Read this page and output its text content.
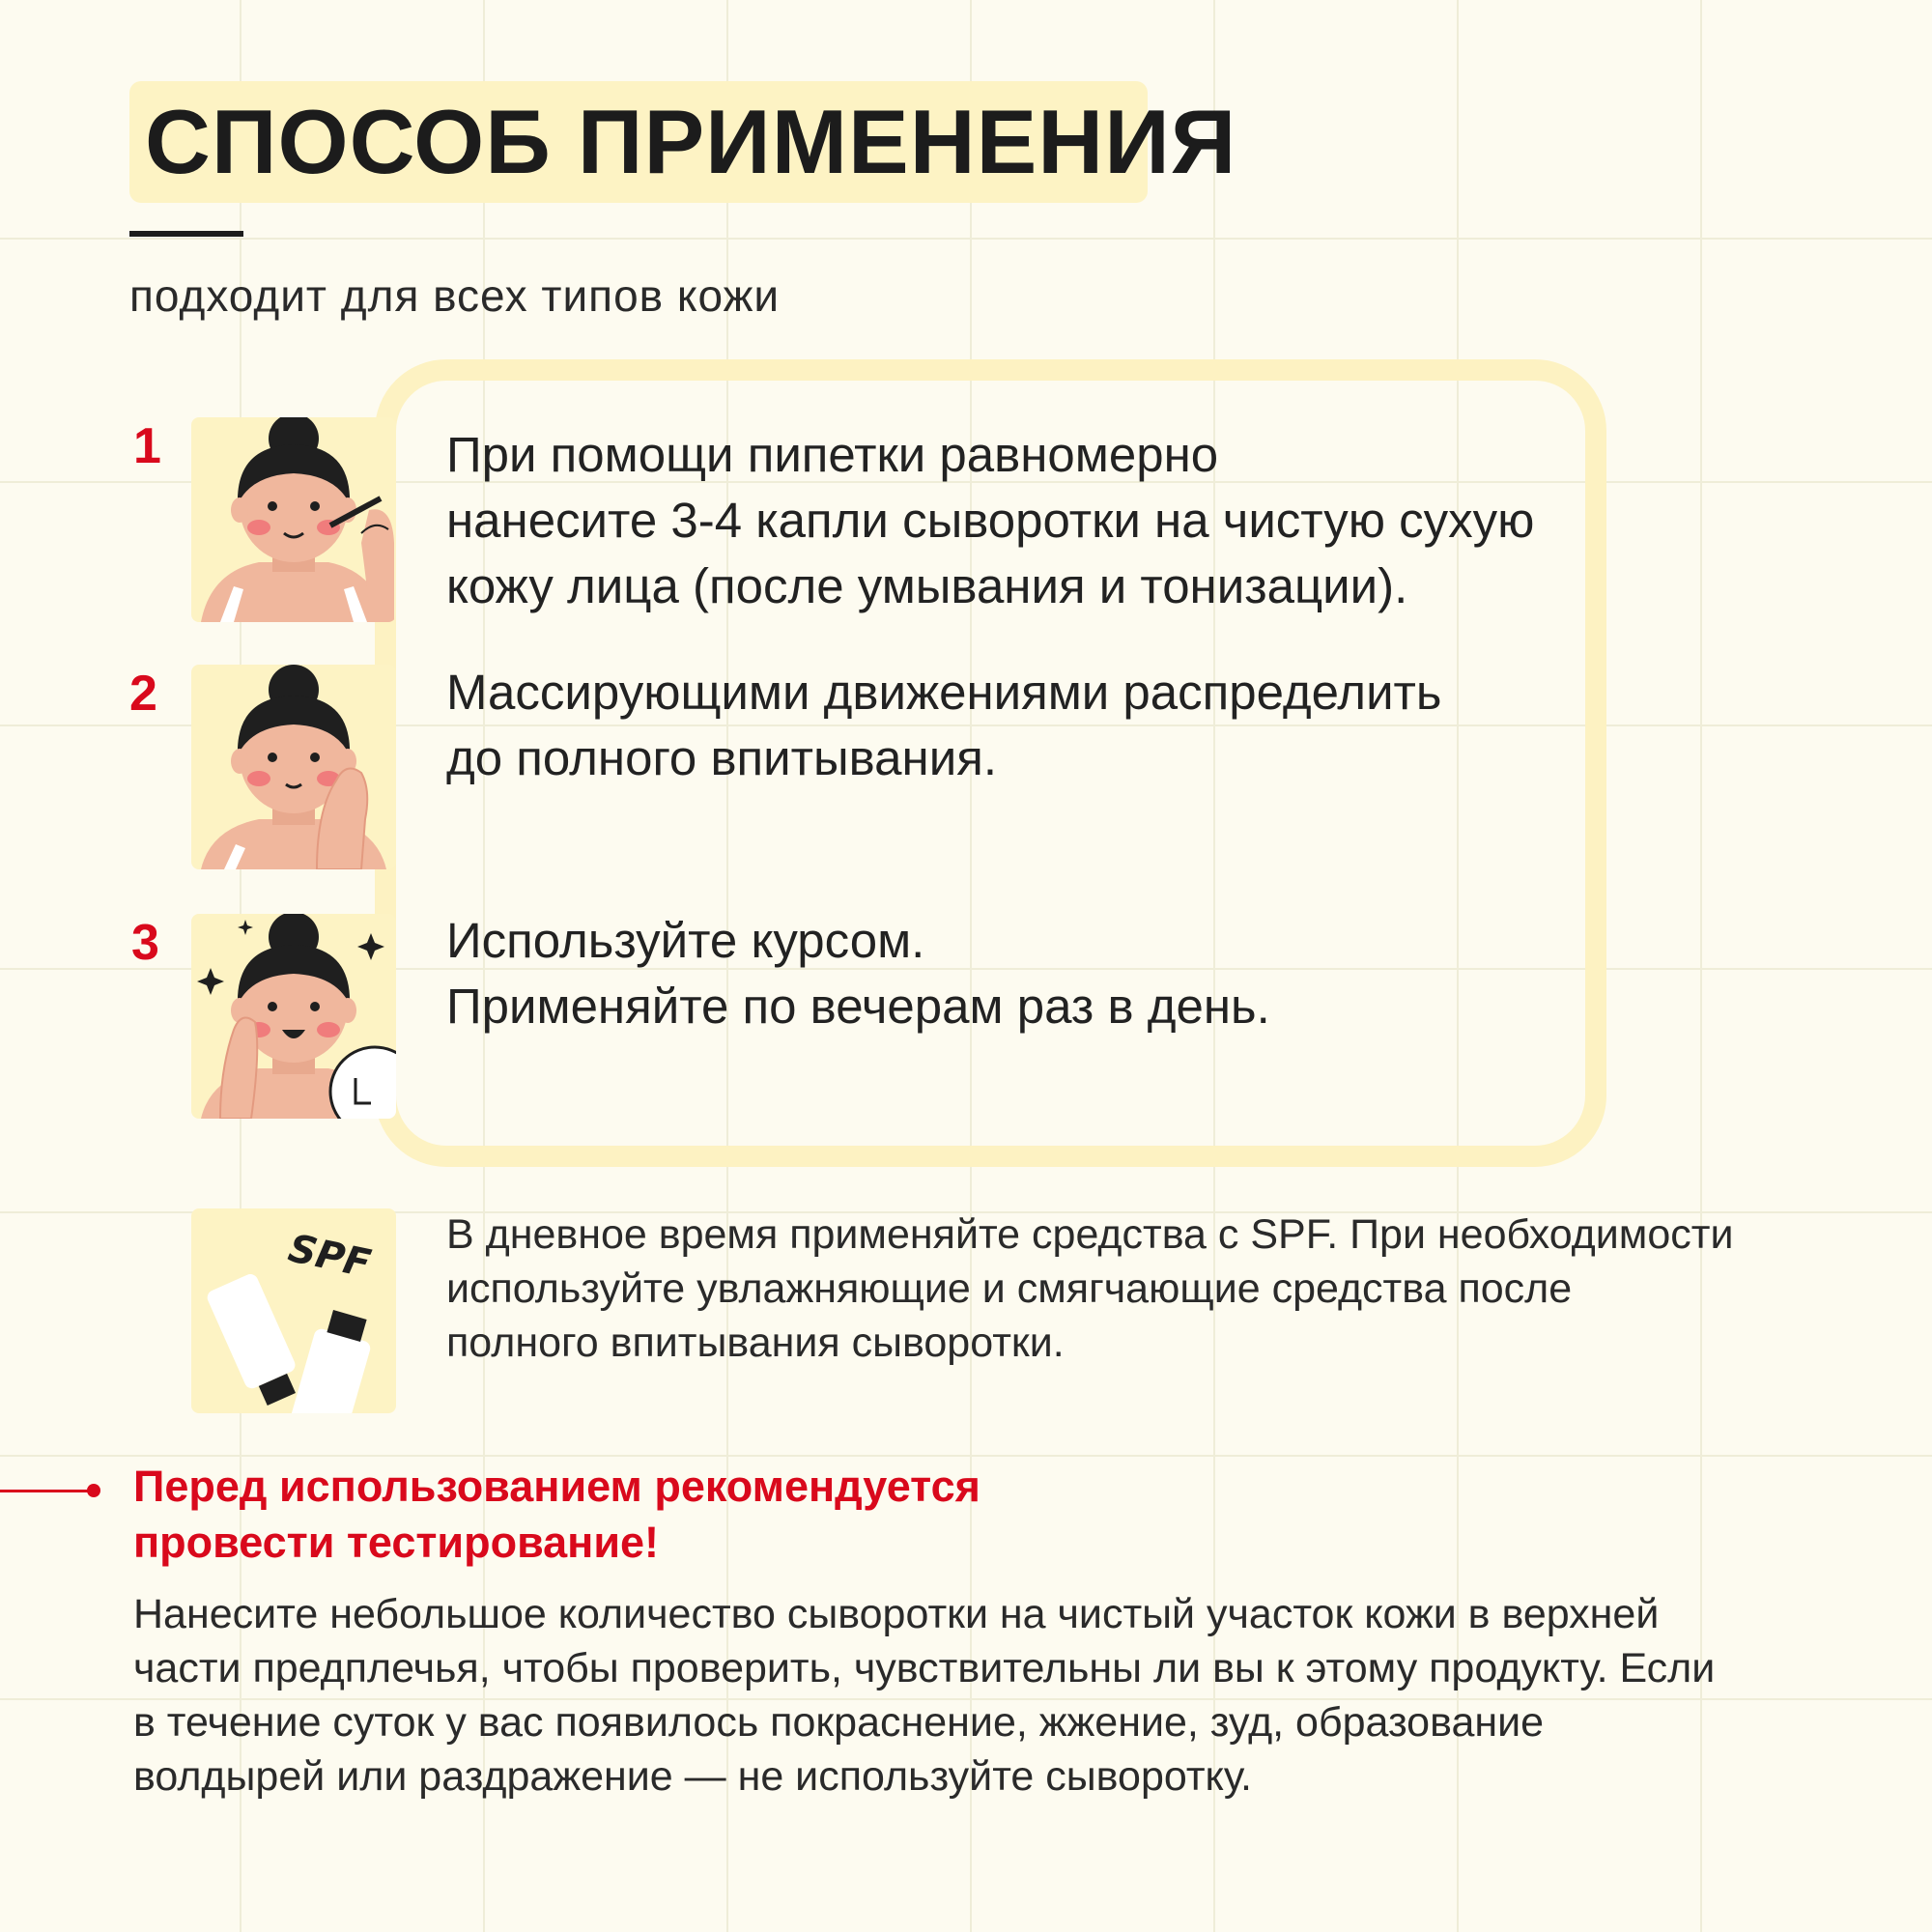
СПОСОБ ПРИМЕНЕНИЯ
подходит для всех типов кожи
1	При помощи пипетки равномерно
нанесите 3-4 капли сыворотки на чистую сухую
кожу лица (после умывания и тонизации).
2	Массирующими движениями распределить
до полного впитывания.
3	Используйте курсом.
Применяйте по вечерам раз в день.
SPF В дневное время применяйте средства с SPF. При необходимости
используйте увлажняющие и смягчающие средства после
полного впитывания сыворотки.
Перед использованием рекомендуется
провести тестирование!
Нанесите небольшое количество сыворотки на чистый участок кожи в верхней
части предплечья, чтобы проверить, чувствительны ли вы к этому продукту. Если
в течение суток у вас появилось покраснение, жжение, зуд, образование
волдырей или раздражение — не используйте сыворотку.
